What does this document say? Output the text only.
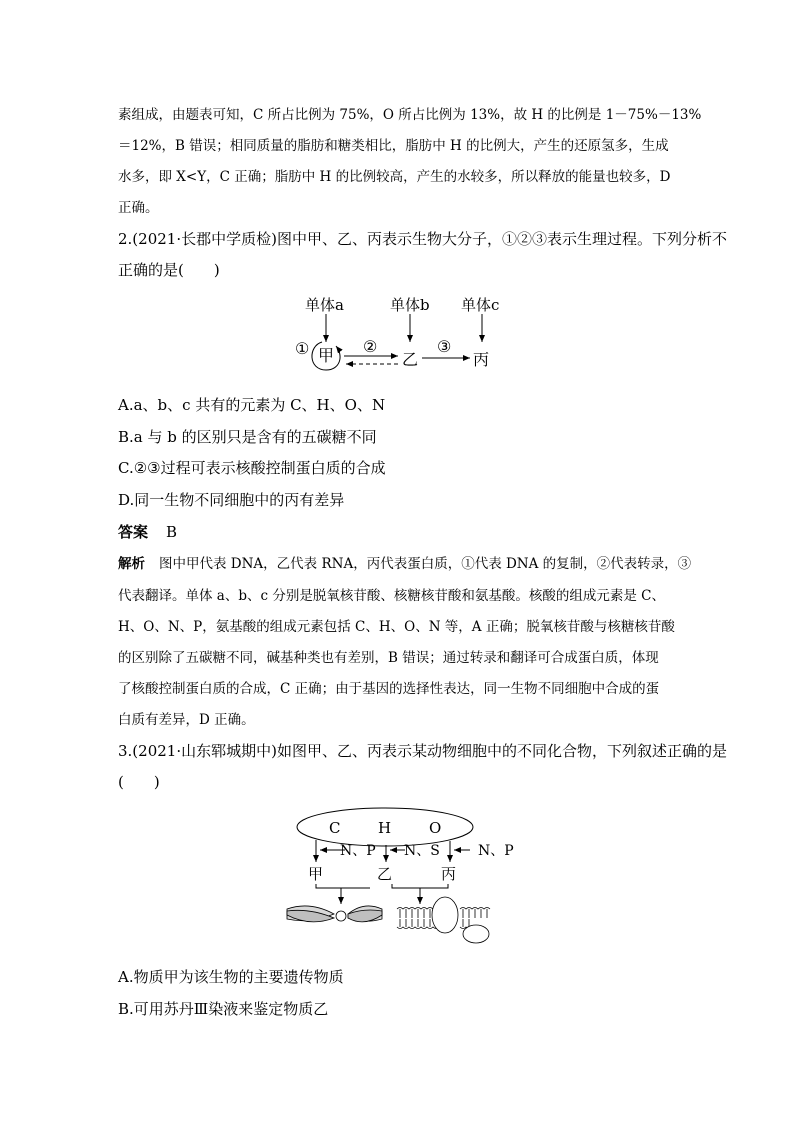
素组成，由题表可知，C 所占比例为 75%，O 所占比例为 13%，故 H 的比例是 1－75%－13%
＝12%，B 错误；相同质量的脂肪和糖类相比，脂肪中 H 的比例大，产生的还原氢多，生成
水多，即 X<Y，C 正确；脂肪中 H 的比例较高，产生的水较多，所以释放的能量也较多，D
正确。
2.(2021·长郡中学质检)图中甲、乙、丙表示生物大分子，①②③表示生理过程。下列分析不
正确的是(　　)
单体a	单体b 单体c
① 甲 ②
乙
③
丙
A.a、b、c 共有的元素为 C、H、O、N
B.a 与 b 的区别只是含有的五碳糖不同
C.②③过程可表示核酸控制蛋白质的合成
D.同一生物不同细胞中的丙有差异
答案 B
解析 图中甲代表 DNA，乙代表 RNA，丙代表蛋白质，①代表 DNA 的复制，②代表转录，③
代表翻译。单体 a、b、c 分别是脱氧核苷酸、核糖核苷酸和氨基酸。核酸的组成元素是 C、
H、O、N、P，氨基酸的组成元素包括 C、H、O、N 等，A 正确；脱氧核苷酸与核糖核苷酸
的区别除了五碳糖不同，碱基种类也有差别，B 错误；通过转录和翻译可合成蛋白质，体现
了核酸控制蛋白质的合成，C 正确；由于基因的选择性表达，同一生物不同细胞中合成的蛋
白质有差异，D 正确。
3.(2021·山东郓城期中)如图甲、乙、丙表示某动物细胞中的不同化合物，下列叙述正确的是
(　　)
C	H	O
N、P N、S	N、P
甲	乙	丙
A.物质甲为该生物的主要遗传物质
B.可用苏丹Ⅲ染液来鉴定物质乙
